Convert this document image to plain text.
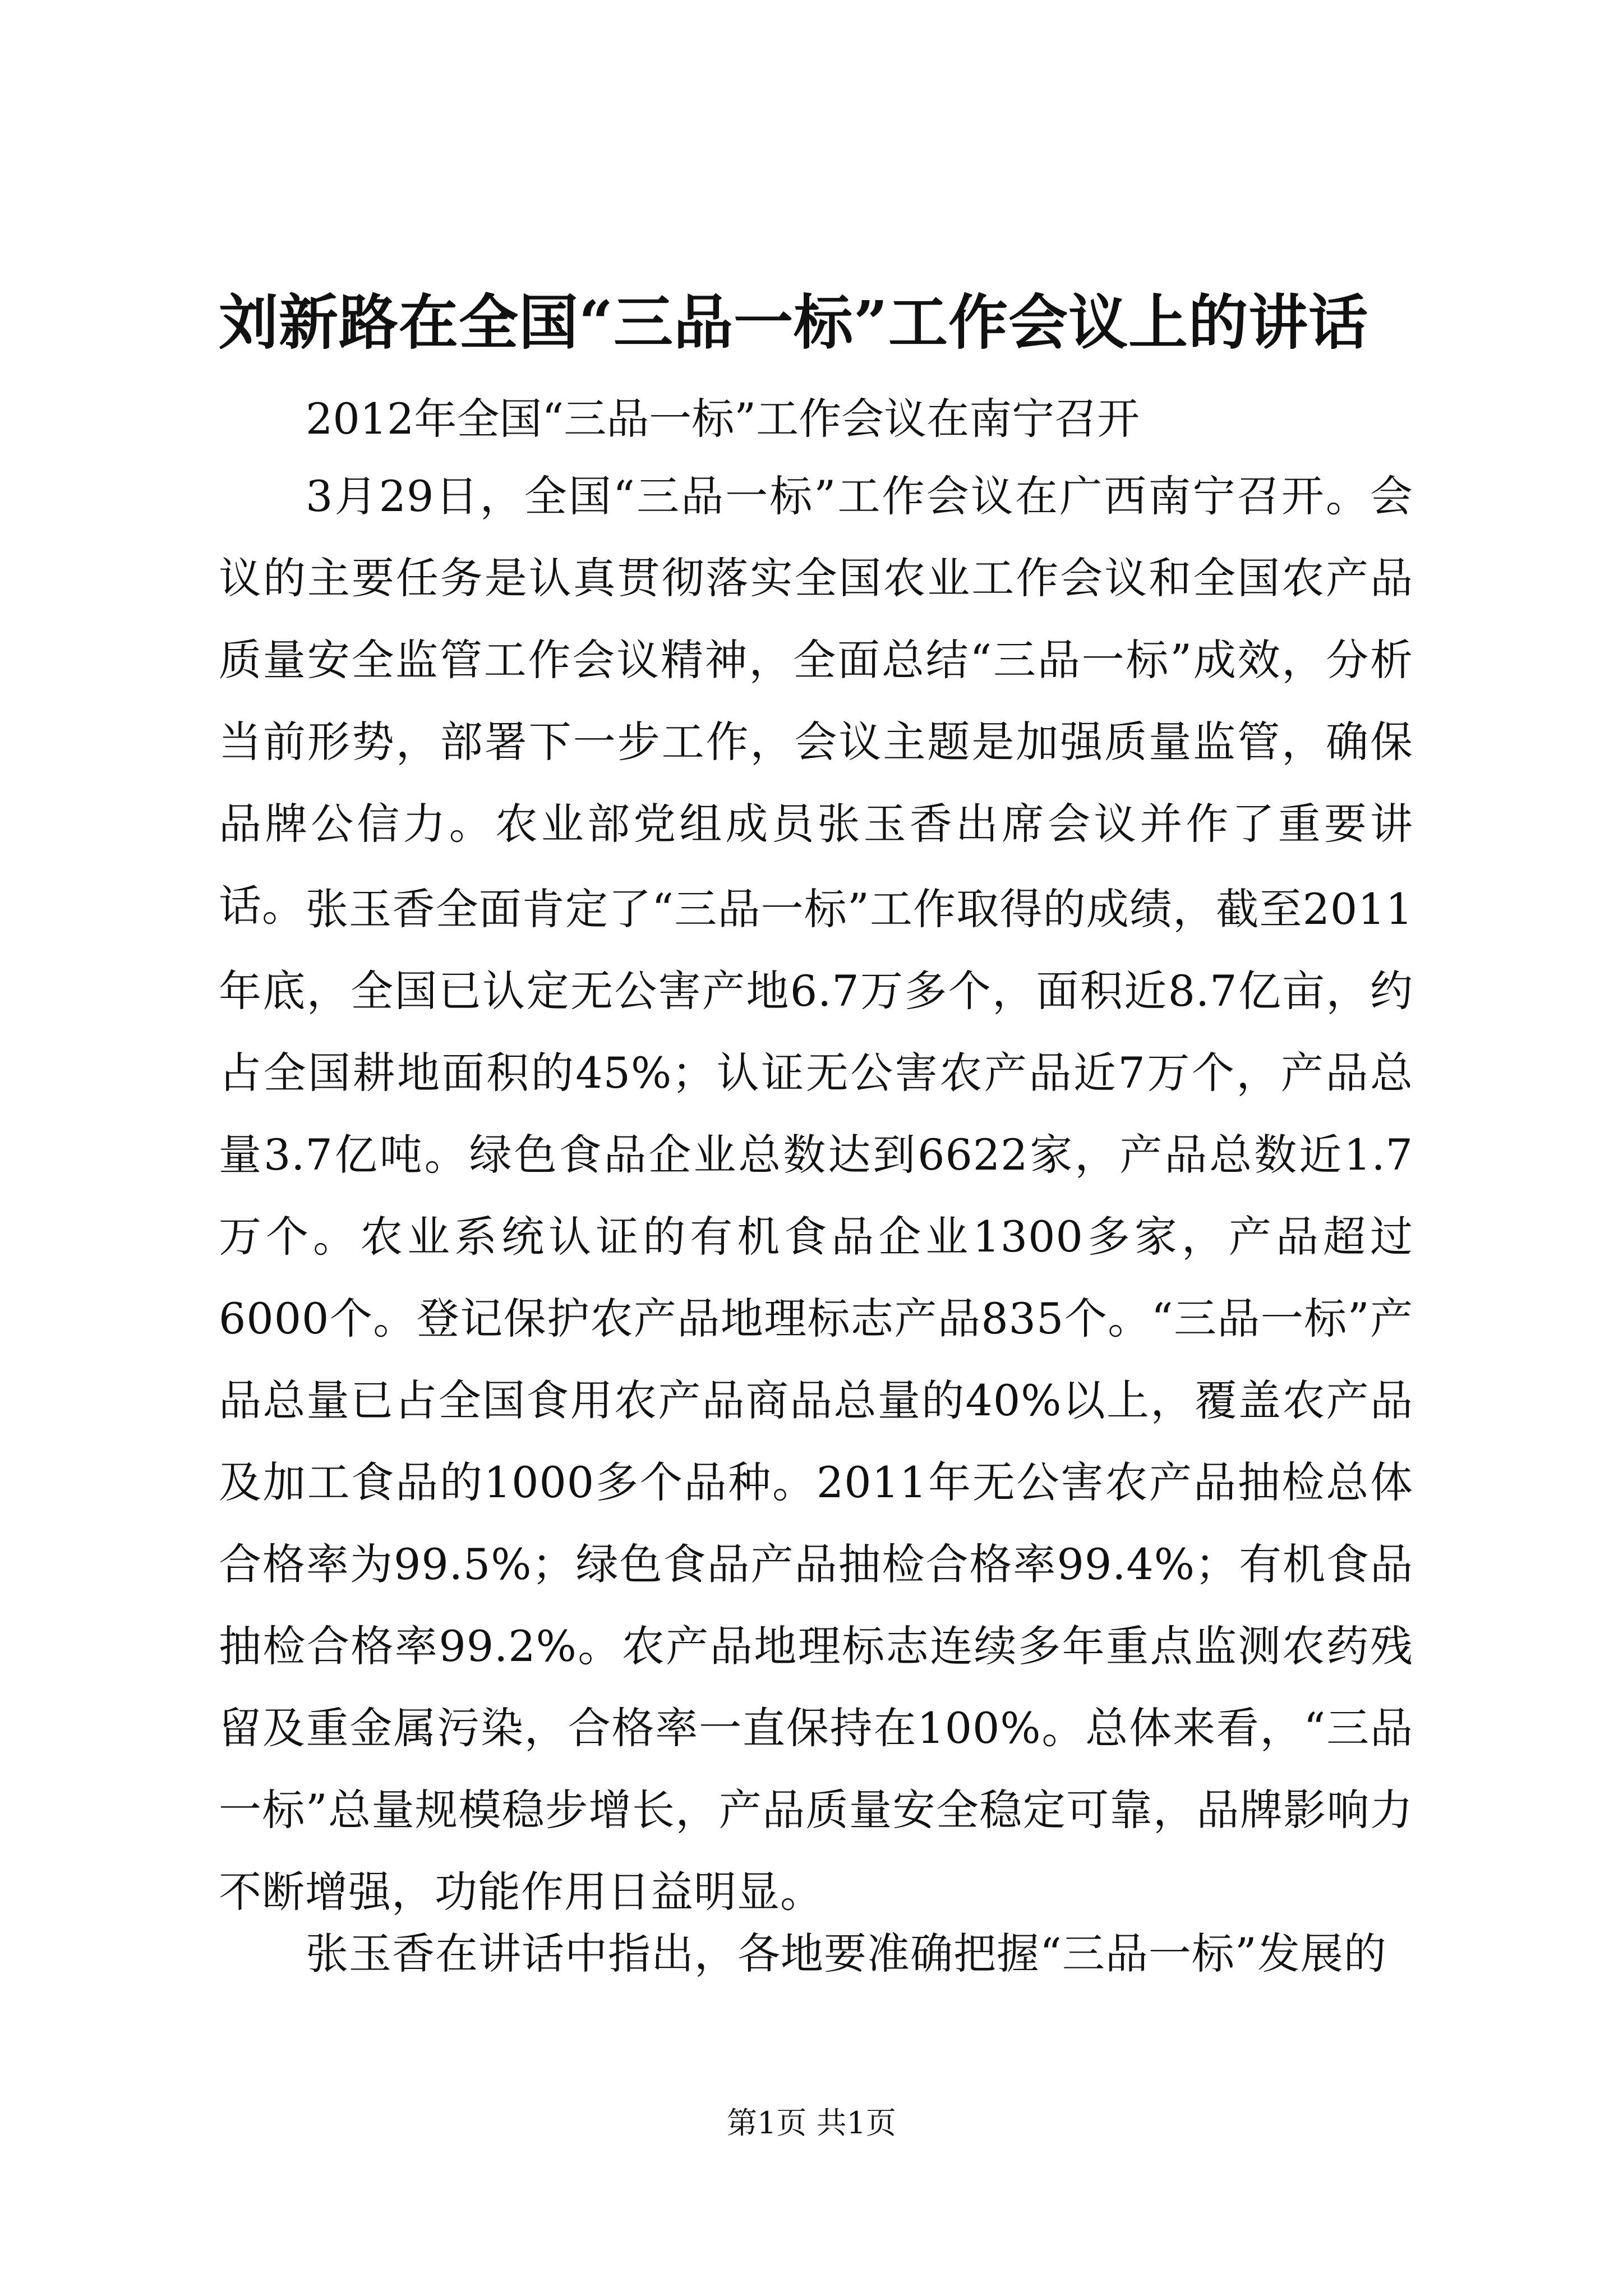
刘新路在全国“三品一标”工作会议上的讲话
2012年全国“三品一标”工作会议在南宁召开
3月29日，全国“三品一标”工作会议在广西南宁召开。会议的主要任务是认真贯彻落实全国农业工作会议和全国农产品质量安全监管工作会议精神，全面总结“三品一标”成效，分析当前形势，部署下一步工作，会议主题是加强质量监管，确保品牌公信力。农业部党组成员张玉香出席会议并作了重要讲话。 张玉香全面肯定了“三品一标”工作取得的成绩，截至2011年底，全国已认定无公害产地6.7万多个，面积近8.7亿亩，约占全国耕地面积的45%；认证无公害农产品近7万个，产品总量3.7亿吨。绿色食品企业总数达到6622家，产品总数近1.7万个。农业系统认证的有机食品企业1300多家，产品超过6000个。登记保护农产品地理标志产品835个。“三品一标”产品总量已占全国食用农产品商品总量的40%以上，覆盖农产品及加工食品的1000多个品种。2011年无公害农产品抽检总体合格率为99.5%；绿色食品产品抽检合格率99.4%；有机食品抽检合格率99.2%。农产品地理标志连续多年重点监测农药残留及重金属污染，合格率一直保持在100%。总体来看，“三品一标”总量规模稳步增长，产品质量安全稳定可靠，品牌影响力不断增强，功能作用日益明显。
张玉香在讲话中指出，各地要准确把握“三品一标”发展的
第1页 共1页
